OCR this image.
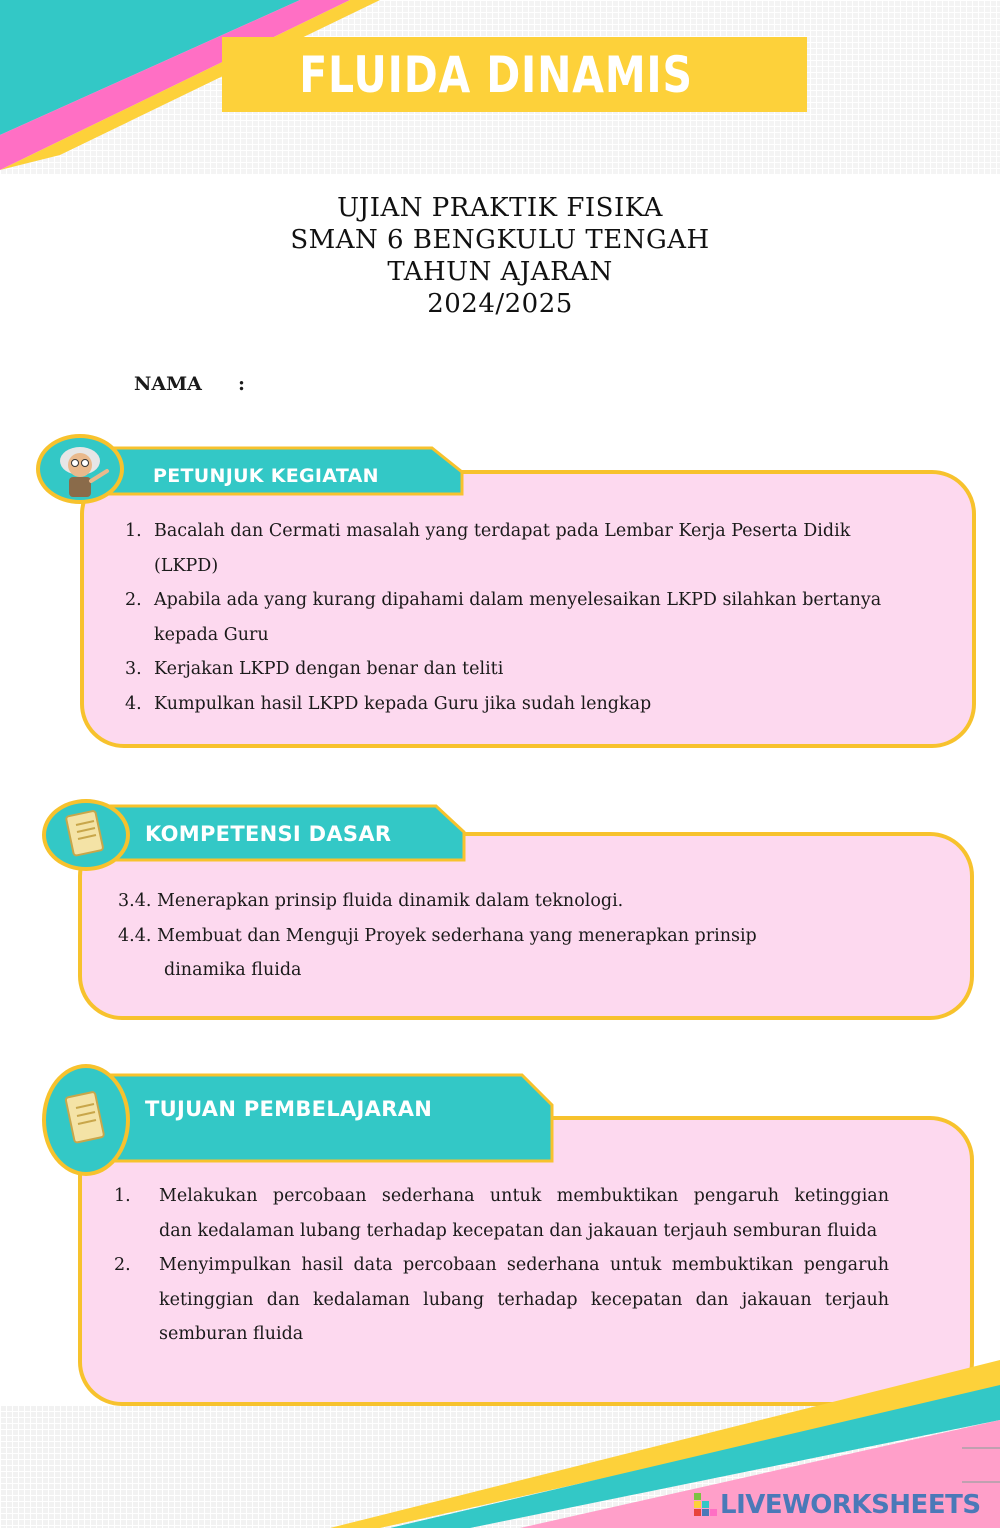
FLUIDA DINAMIS
UJIAN PRAKTIK FISIKA
SMAN 6 BENGKULU TENGAH
TAHUN AJARAN
2024/2025
NAMA :
PETUNJUK KEGIATAN
1. Bacalah dan Cermati masalah yang terdapat pada Lembar Kerja Peserta Didik
(LKPD)
2. Apabila ada yang kurang dipahami dalam menyelesaikan LKPD silahkan bertanya
kepada Guru
3. Kerjakan LKPD dengan benar dan teliti
4. Kumpulkan hasil LKPD kepada Guru jika sudah lengkap
KOMPETENSI DASAR
3.4. Menerapkan prinsip fluida dinamik dalam teknologi.
4.4. Membuat dan Menguji Proyek sederhana yang menerapkan prinsip
dinamika fluida
TUJUAN PEMBELAJARAN
1. Melakukan percobaan sederhana untuk membuktikan pengaruh ketinggian dan kedalaman lubang terhadap kecepatan dan jakauan terjauh semburan fluida
2. Menyimpulkan hasil data percobaan sederhana untuk membuktikan pengaruh ketinggian dan kedalaman lubang terhadap kecepatan dan jakauan terjauh semburan fluida
LIVEWORKSHEETS
